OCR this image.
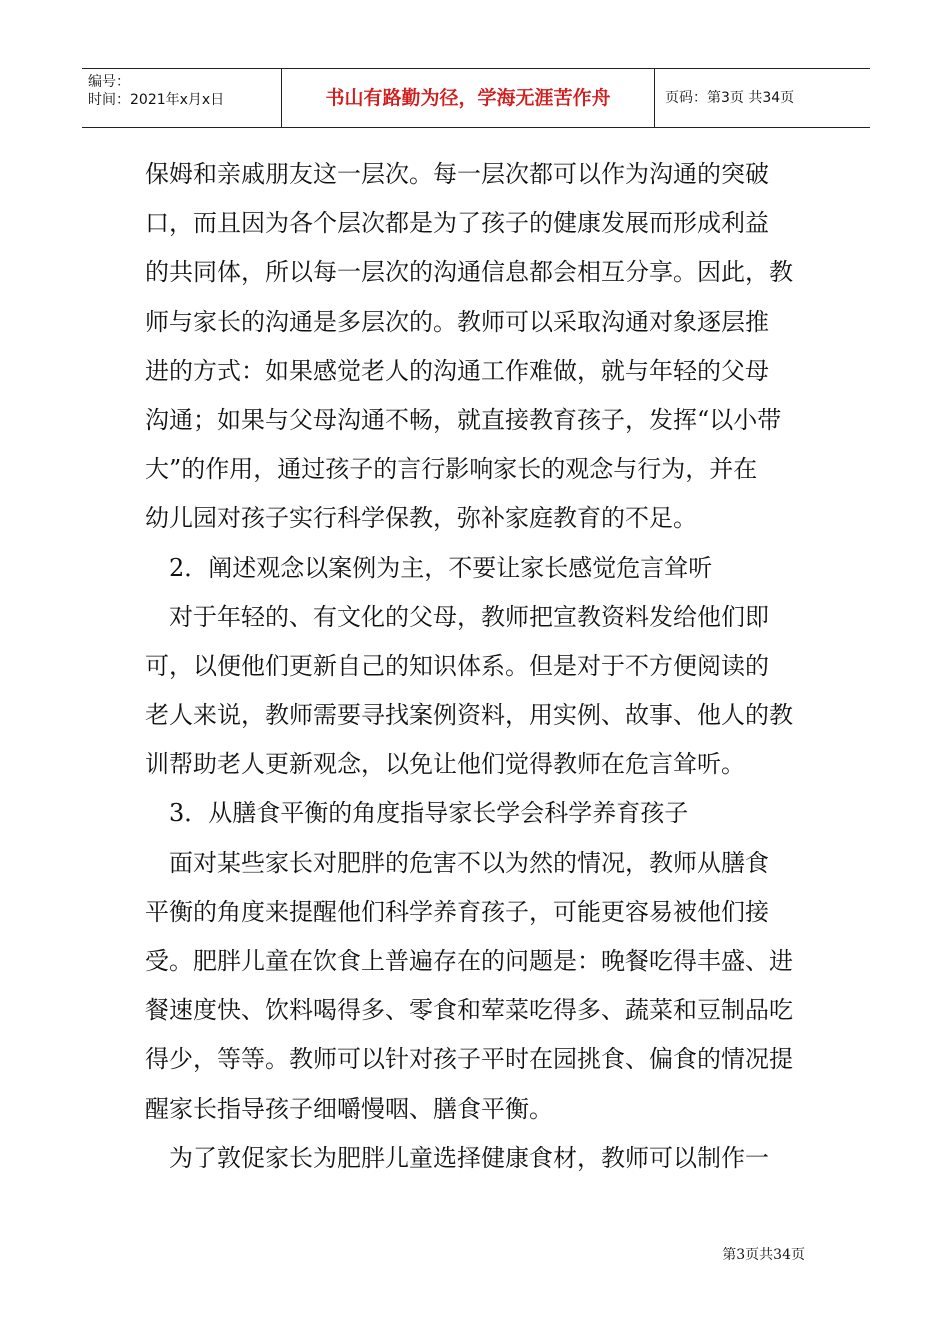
编号：
时间：2021年x月x日	书山有路勤为径，学海无涯苦作舟	页码：第3页 共34页
保姆和亲戚朋友这一层次。每一层次都可以作为沟通的突破
口，而且因为各个层次都是为了孩子的健康发展而形成利益
的共同体，所以每一层次的沟通信息都会相互分享。因此，教
师与家长的沟通是多层次的。教师可以采取沟通对象逐层推
进的方式：如果感觉老人的沟通工作难做，就与年轻的父母
沟通；如果与父母沟通不畅，就直接教育孩子，发挥“以小带
大”的作用，通过孩子的言行影响家长的观念与行为，并在
幼儿园对孩子实行科学保教，弥补家庭教育的不足。
2．阐述观念以案例为主，不要让家长感觉危言耸听
对于年轻的、有文化的父母，教师把宣教资料发给他们即
可，以便他们更新自己的知识体系。但是对于不方便阅读的
老人来说，教师需要寻找案例资料，用实例、故事、他人的教
训帮助老人更新观念，以免让他们觉得教师在危言耸听。
3．从膳食平衡的角度指导家长学会科学养育孩子
面对某些家长对肥胖的危害不以为然的情况，教师从膳食
平衡的角度来提醒他们科学养育孩子，可能更容易被他们接
受。肥胖儿童在饮食上普遍存在的问题是：晚餐吃得丰盛、进
餐速度快、饮料喝得多、零食和荤菜吃得多、蔬菜和豆制品吃
得少，等等。教师可以针对孩子平时在园挑食、偏食的情况提
醒家长指导孩子细嚼慢咽、膳食平衡。
为了敦促家长为肥胖儿童选择健康食材，教师可以制作一
第3页共34页
